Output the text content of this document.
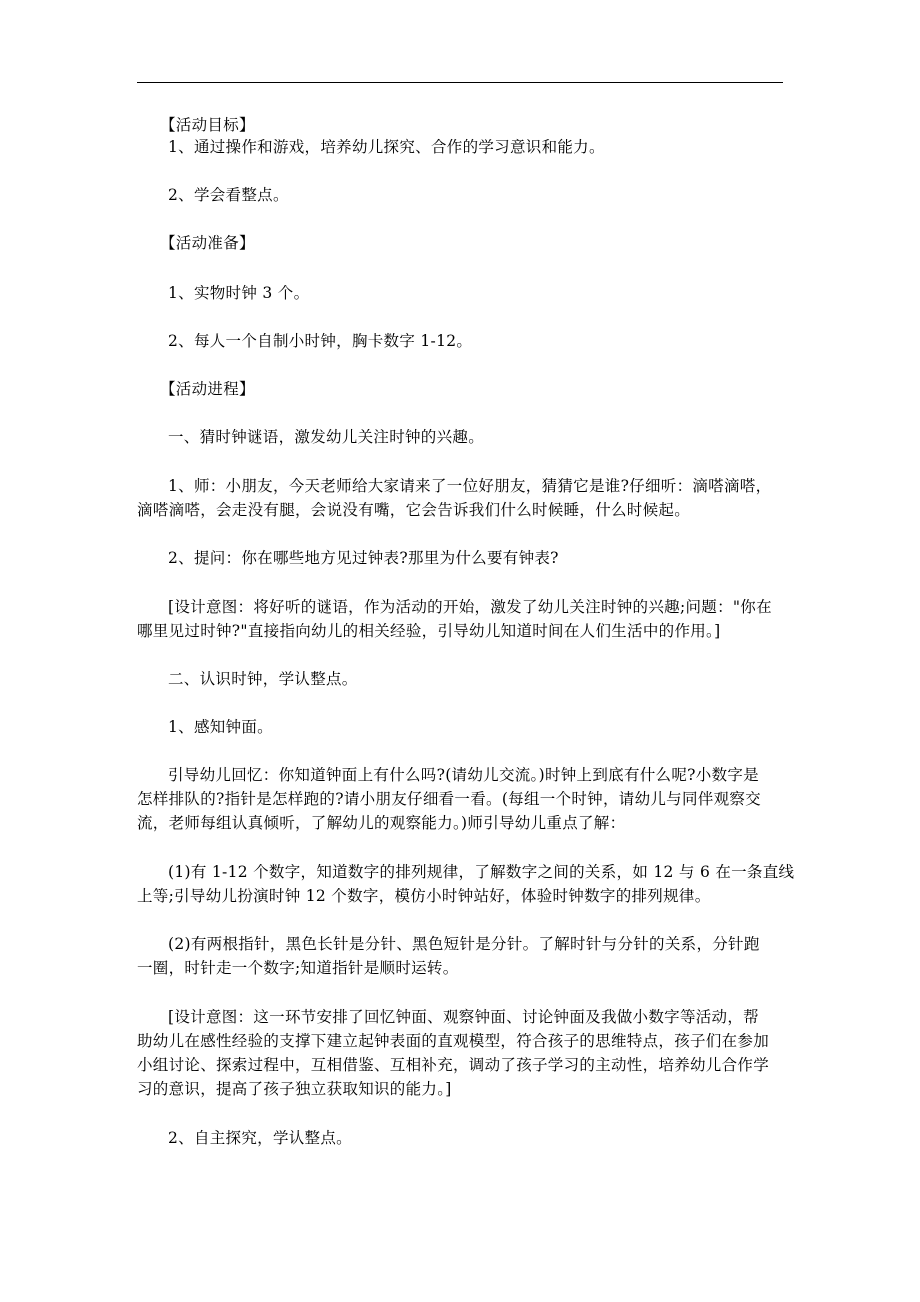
【活动目标】
1、通过操作和游戏，培养幼儿探究、合作的学习意识和能力。
2、学会看整点。
【活动准备】
1、实物时钟 3 个。
2、每人一个自制小时钟，胸卡数字 1-12。
【活动进程】
一、猜时钟谜语，激发幼儿关注时钟的兴趣。
1、师：小朋友，今天老师给大家请来了一位好朋友，猜猜它是谁?仔细听：滴嗒滴嗒，
滴嗒滴嗒，会走没有腿，会说没有嘴，它会告诉我们什么时候睡，什么时候起。
2、提问：你在哪些地方见过钟表?那里为什么要有钟表?
[设计意图：将好听的谜语，作为活动的开始，激发了幼儿关注时钟的兴趣;问题："你在
哪里见过时钟?"直接指向幼儿的相关经验，引导幼儿知道时间在人们生活中的作用。]
二、认识时钟，学认整点。
1、感知钟面。
引导幼儿回忆：你知道钟面上有什么吗?(请幼儿交流。)时钟上到底有什么呢?小数字是
怎样排队的?指针是怎样跑的?请小朋友仔细看一看。(每组一个时钟，请幼儿与同伴观察交
流，老师每组认真倾听，了解幼儿的观察能力。)师引导幼儿重点了解：
(1)有 1-12 个数字，知道数字的排列规律，了解数字之间的关系，如 12 与 6 在一条直线
上等;引导幼儿扮演时钟 12 个数字，模仿小时钟站好，体验时钟数字的排列规律。
(2)有两根指针，黑色长针是分针、黑色短针是分针。了解时针与分针的关系，分针跑
一圈，时针走一个数字;知道指针是顺时运转。
[设计意图：这一环节安排了回忆钟面、观察钟面、讨论钟面及我做小数字等活动，帮
助幼儿在感性经验的支撑下建立起钟表面的直观模型，符合孩子的思维特点，孩子们在参加
小组讨论、探索过程中，互相借鉴、互相补充，调动了孩子学习的主动性，培养幼儿合作学
习的意识，提高了孩子独立获取知识的能力。]
2、自主探究，学认整点。
